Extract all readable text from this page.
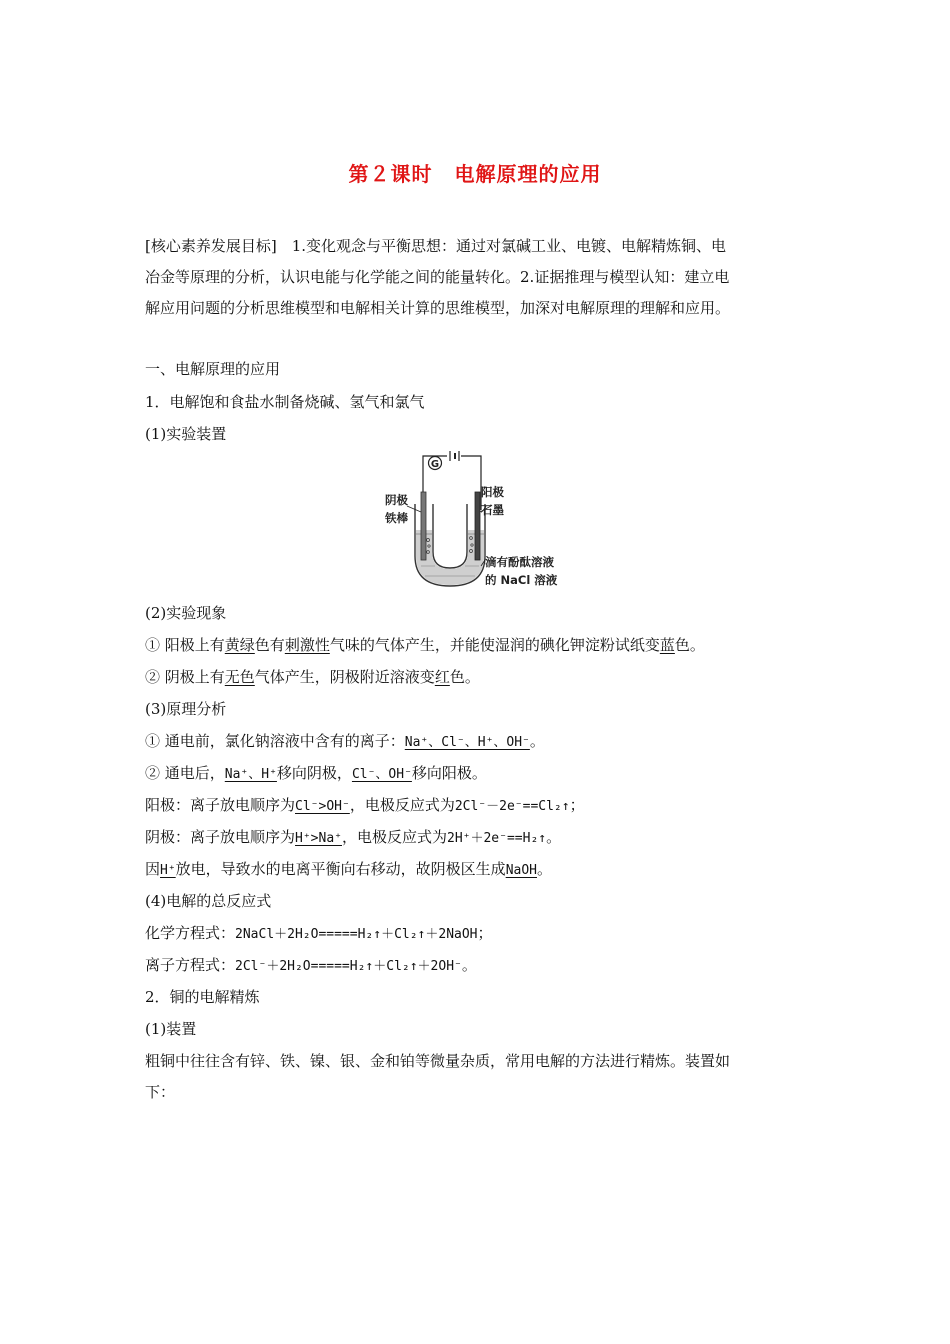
第２课时 电解原理的应用
[核心素养发展目标]　1.变化观念与平衡思想：通过对氯碱工业、电镀、电解精炼铜、电
冶金等原理的分析，认识电能与化学能之间的能量转化。2.证据推理与模型认知：建立电
解应用问题的分析思维模型和电解相关计算的思维模型，加深对电解原理的理解和应用。
一、电解原理的应用
1．电解饱和食盐水制备烧碱、氢气和氯气
(1)实验装置
G
阴极
铁棒
阳极
石墨
滴有酚酞溶液
的 NaCl 溶液
(2)实验现象
① 阳极上有黄绿色有刺激性气味的气体产生，并能使湿润的碘化钾淀粉试纸变蓝色。
② 阴极上有无色气体产生，阴极附近溶液变红色。
(3)原理分析
① 通电前，氯化钠溶液中含有的离子：Na⁺、Cl⁻、H⁺、OH⁻。
② 通电后，Na⁺、H⁺移向阴极，Cl⁻、OH⁻移向阳极。
阳极：离子放电顺序为Cl⁻>OH⁻，电极反应式为2Cl⁻－2e⁻==Cl₂↑；
阴极：离子放电顺序为H⁺>Na⁺，电极反应式为2H⁺＋2e⁻==H₂↑。
因H⁺放电，导致水的电离平衡向右移动，故阴极区生成NaOH。
(4)电解的总反应式
化学方程式：2NaCl＋2H₂O=====H₂↑＋Cl₂↑＋2NaOH；
离子方程式：2Cl⁻＋2H₂O=====H₂↑＋Cl₂↑＋2OH⁻。
2．铜的电解精炼
(1)装置
粗铜中往往含有锌、铁、镍、银、金和铂等微量杂质，常用电解的方法进行精炼。装置如
下：
